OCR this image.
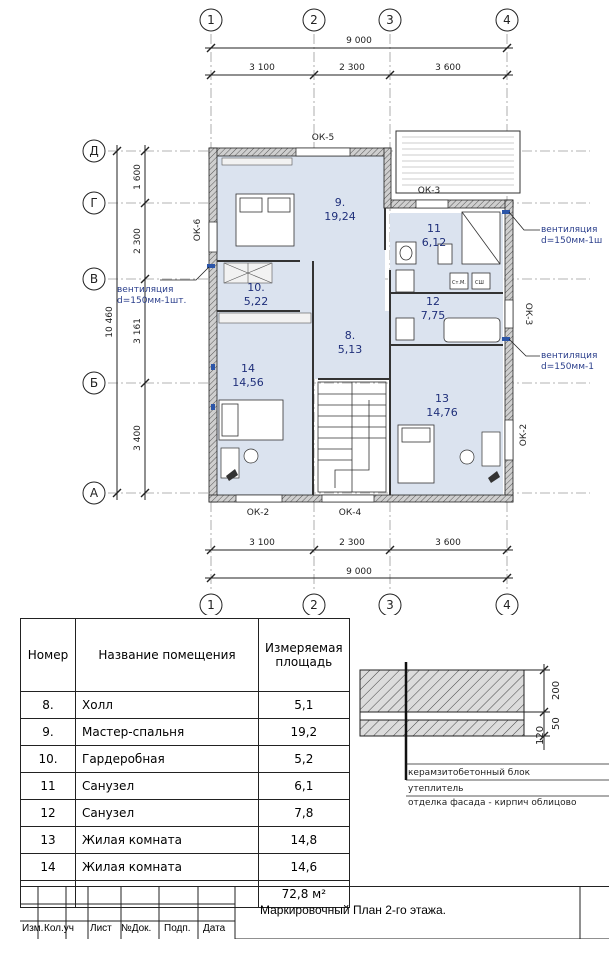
1	2	3	4
1	2	3	4
Д
Г
В
Б
А
9 000
3 100	2 300	3 600
3 100	2 300	3 600
9 000
10 460
1 600
2 300
3 161
3 400
Ст.М. СШ
ОК-5
ОК-3
ОК-6
ОК-3
ОК-2
ОК-2	ОК-4
вентиляция
d=150мм-1ш
вентиляция
d=150мм-1шт.
вентиляция
d=150мм-1
9.
19,24
11
6,12
10.
5,22	12
7,75
8.
5,13
14
14,56
13
14,76
Номер	Название помещения	Измеряемая
площадь
8.	Холл	5,1
9.	Мастер-спальня	19,2
10.	Гардеробная	5,2
11	Санузел	6,1
12	Санузел	7,8
13	Жилая комната	14,8
14	Жилая комната	14,6
		72,8 м²
200
50
120
керамзитобетонный блок
утеплитель
отделка фасада - кирпич облицово
Маркировочный План 2-го этажа.
Изм. Кол.уч Лист №Док. Подп. Дата
